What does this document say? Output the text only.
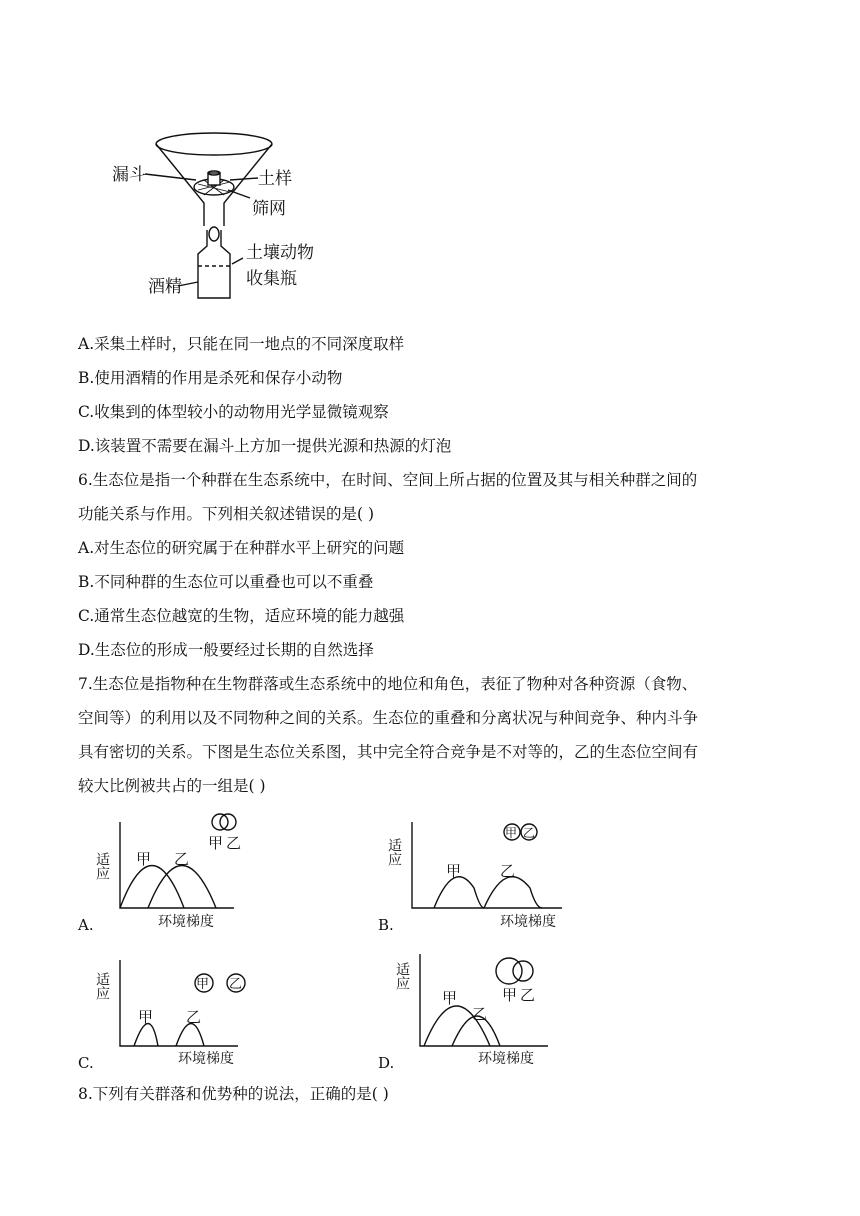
漏斗	土样
筛网
土壤动物
收集瓶
酒精
A.采集土样时，只能在同一地点的不同深度取样
B.使用酒精的作用是杀死和保存小动物
C.收集到的体型较小的动物用光学显微镜观察
D.该装置不需要在漏斗上方加一提供光源和热源的灯泡
6.生态位是指一个种群在生态系统中，在时间、空间上所占据的位置及其与相关种群之间的
功能关系与作用。下列相关叙述错误的是( )
A.对生态位的研究属于在种群水平上研究的问题
B.不同种群的生态位可以重叠也可以不重叠
C.通常生态位越宽的生物，适应环境的能力越强
D.生态位的形成一般要经过长期的自然选择
7.生态位是指物种在生物群落或生态系统中的地位和角色，表征了物种对各种资源（食物、
空间等）的利用以及不同物种之间的关系。生态位的重叠和分离状况与种间竞争、种内斗争
具有密切的关系。下图是生态位关系图，其中完全符合竞争是不对等的，乙的生态位空间有
较大比例被共占的一组是( )
A.
适应 甲 乙
甲 乙
环境梯度	B.
适应
甲	乙
甲 乙
环境梯度
C.
适应
甲 乙
甲 乙
环境梯度	D.
适应
甲
乙
甲 乙
环境梯度
8.下列有关群落和优势种的说法，正确的是( )
